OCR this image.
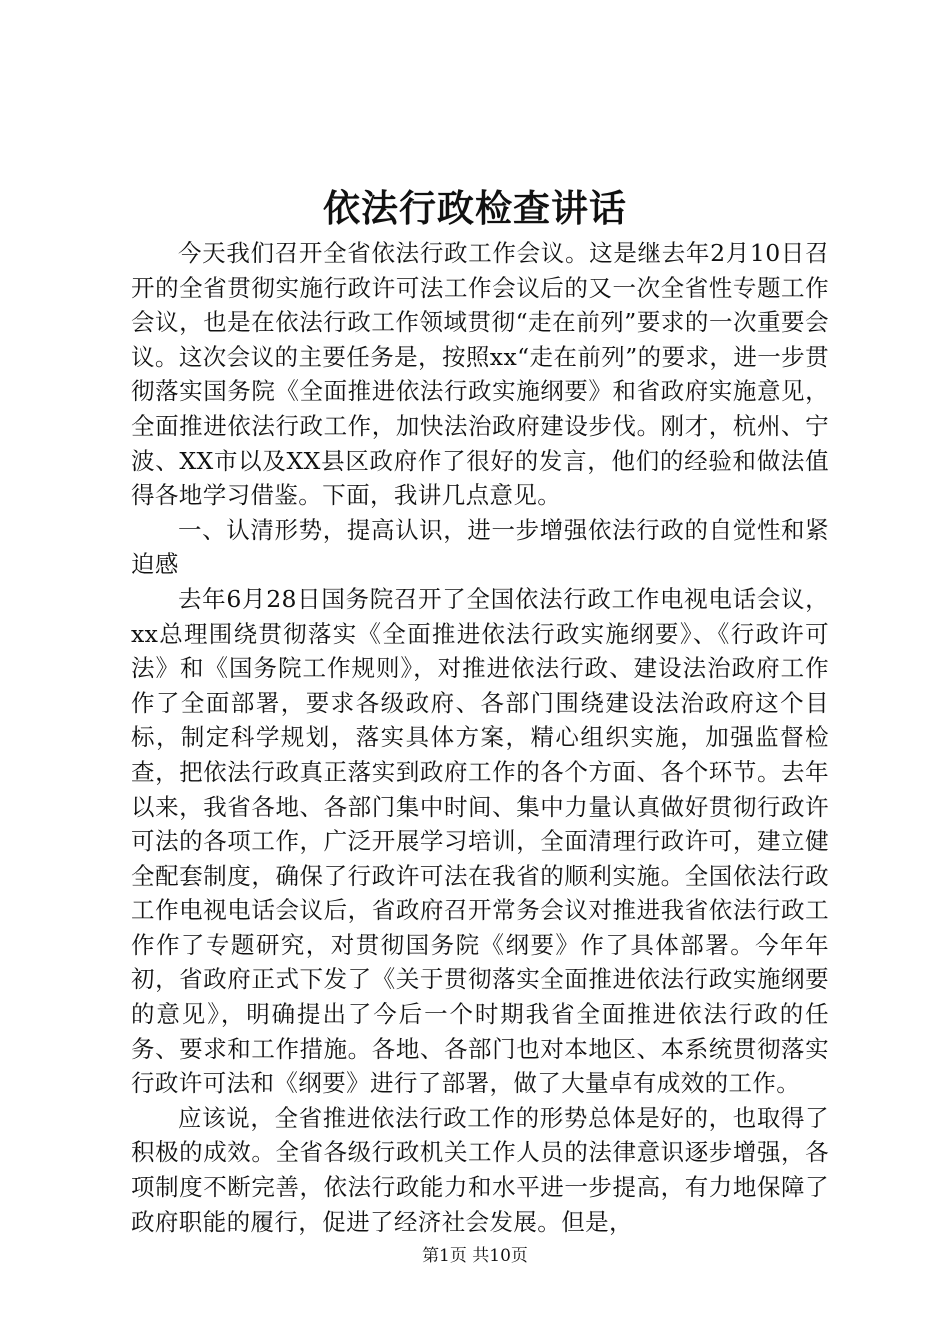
依法行政检查讲话

今天我们召开全省依法行政工作会议。这是继去年2月10日召开的全省贯彻实施行政许可法工作会议后的又一次全省性专题工作会议，也是在依法行政工作领域贯彻“走在前列”要求的一次重要会议。这次会议的主要任务是，按照xx“走在前列”的要求，进一步贯彻落实国务院《全面推进依法行政实施纲要》和省政府实施意见，全面推进依法行政工作，加快法治政府建设步伐。刚才，杭州、宁波、XX市以及XX县区政府作了很好的发言，他们的经验和做法值得各地学习借鉴。下面，我讲几点意见。

一、认清形势，提高认识，进一步增强依法行政的自觉性和紧迫感

去年6月28日国务院召开了全国依法行政工作电视电话会议，xx总理围绕贯彻落实《全面推进依法行政实施纲要》、《行政许可法》和《国务院工作规则》，对推进依法行政、建设法治政府工作作了全面部署，要求各级政府、各部门围绕建设法治政府这个目标，制定科学规划，落实具体方案，精心组织实施，加强监督检查，把依法行政真正落实到政府工作的各个方面、各个环节。去年以来，我省各地、各部门集中时间、集中力量认真做好贯彻行政许可法的各项工作，广泛开展学习培训，全面清理行政许可，建立健全配套制度，确保了行政许可法在我省的顺利实施。全国依法行政工作电视电话会议后，省政府召开常务会议对推进我省依法行政工作作了专题研究，对贯彻国务院《纲要》作了具体部署。今年年初，省政府正式下发了《关于贯彻落实全面推进依法行政实施纲要的意见》，明确提出了今后一个时期我省全面推进依法行政的任务、要求和工作措施。各地、各部门也对本地区、本系统贯彻落实行政许可法和《纲要》进行了部署，做了大量卓有成效的工作。

应该说，全省推进依法行政工作的形势总体是好的，也取得了积极的成效。全省各级行政机关工作人员的法律意识逐步增强，各项制度不断完善，依法行政能力和水平进一步提高，有力地保障了政府职能的履行，促进了经济社会发展。但是，

第1页 共10页
